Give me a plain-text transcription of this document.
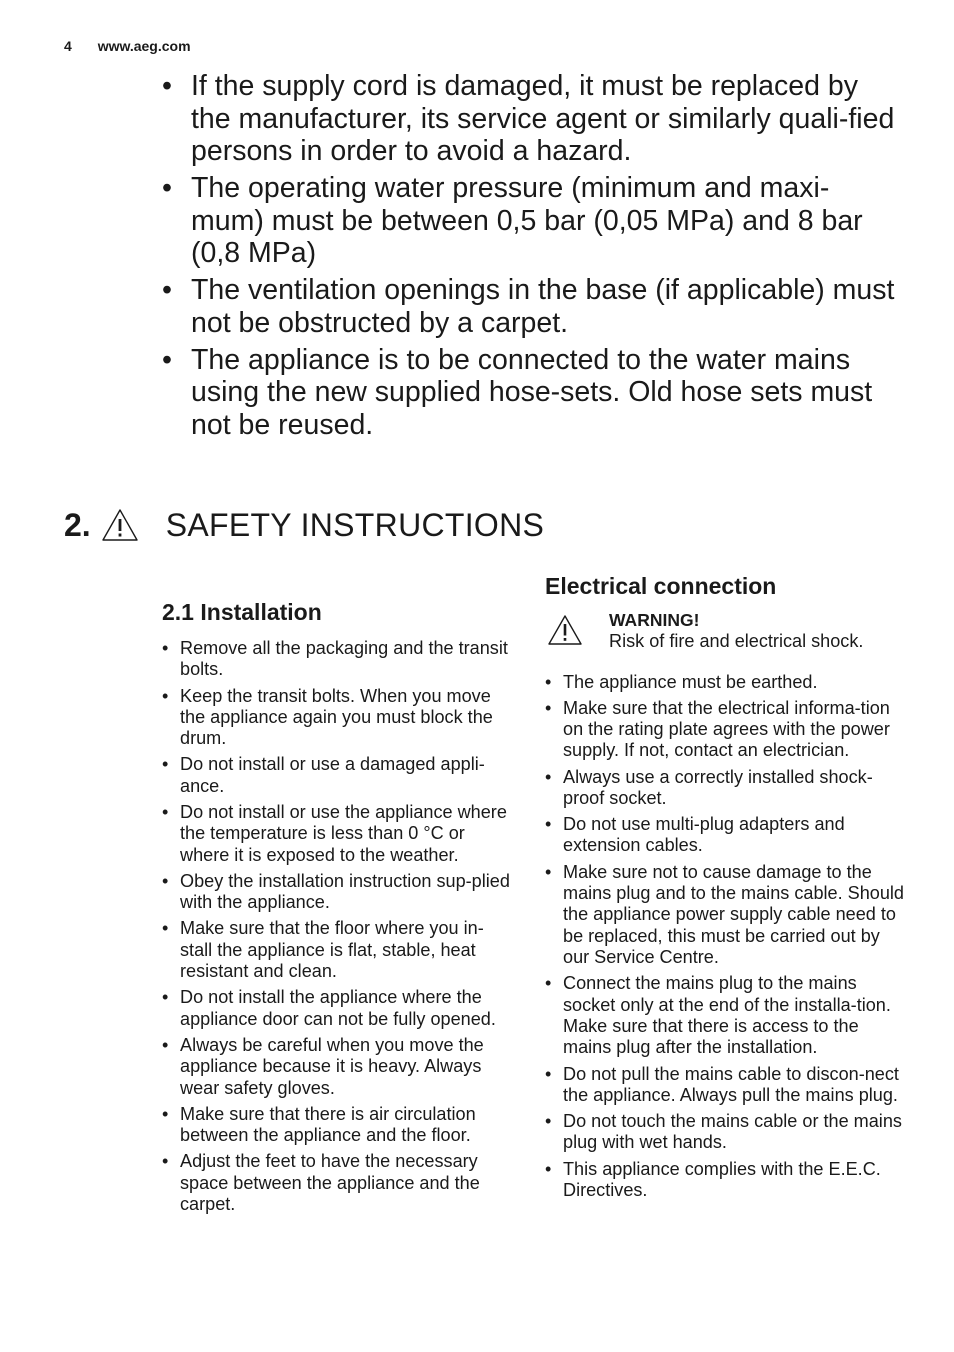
4 www.aeg.com
• If the supply cord is damaged, it must be replaced by the manufacturer, its service agent or similarly quali-fied persons in order to avoid a hazard.
• The operating water pressure (minimum and maxi-mum) must be between 0,5 bar (0,05 MPa) and 8 bar (0,8 MPa)
• The ventilation openings in the base (if applicable) must not be obstructed by a carpet.
• The appliance is to be connected to the water mains using the new supplied hose-sets. Old hose sets must not be reused.
2. SAFETY INSTRUCTIONS
2.1 Installation
• Remove all the packaging and the transit bolts.
• Keep the transit bolts. When you move the appliance again you must block the drum.
• Do not install or use a damaged appli-ance.
• Do not install or use the appliance where the temperature is less than 0 °C or where it is exposed to the weather.
• Obey the installation instruction sup-plied with the appliance.
• Make sure that the floor where you in-stall the appliance is flat, stable, heat resistant and clean.
• Do not install the appliance where the appliance door can not be fully opened.
• Always be careful when you move the appliance because it is heavy. Always wear safety gloves.
• Make sure that there is air circulation between the appliance and the floor.
• Adjust the feet to have the necessary space between the appliance and the carpet.
Electrical connection
WARNING!
Risk of fire and electrical shock.
• The appliance must be earthed.
• Make sure that the electrical informa-tion on the rating plate agrees with the power supply. If not, contact an electrician.
• Always use a correctly installed shock-proof socket.
• Do not use multi-plug adapters and extension cables.
• Make sure not to cause damage to the mains plug and to the mains cable. Should the appliance power supply cable need to be replaced, this must be carried out by our Service Centre.
• Connect the mains plug to the mains socket only at the end of the installa-tion. Make sure that there is access to the mains plug after the installation.
• Do not pull the mains cable to discon-nect the appliance. Always pull the mains plug.
• Do not touch the mains cable or the mains plug with wet hands.
• This appliance complies with the E.E.C. Directives.
